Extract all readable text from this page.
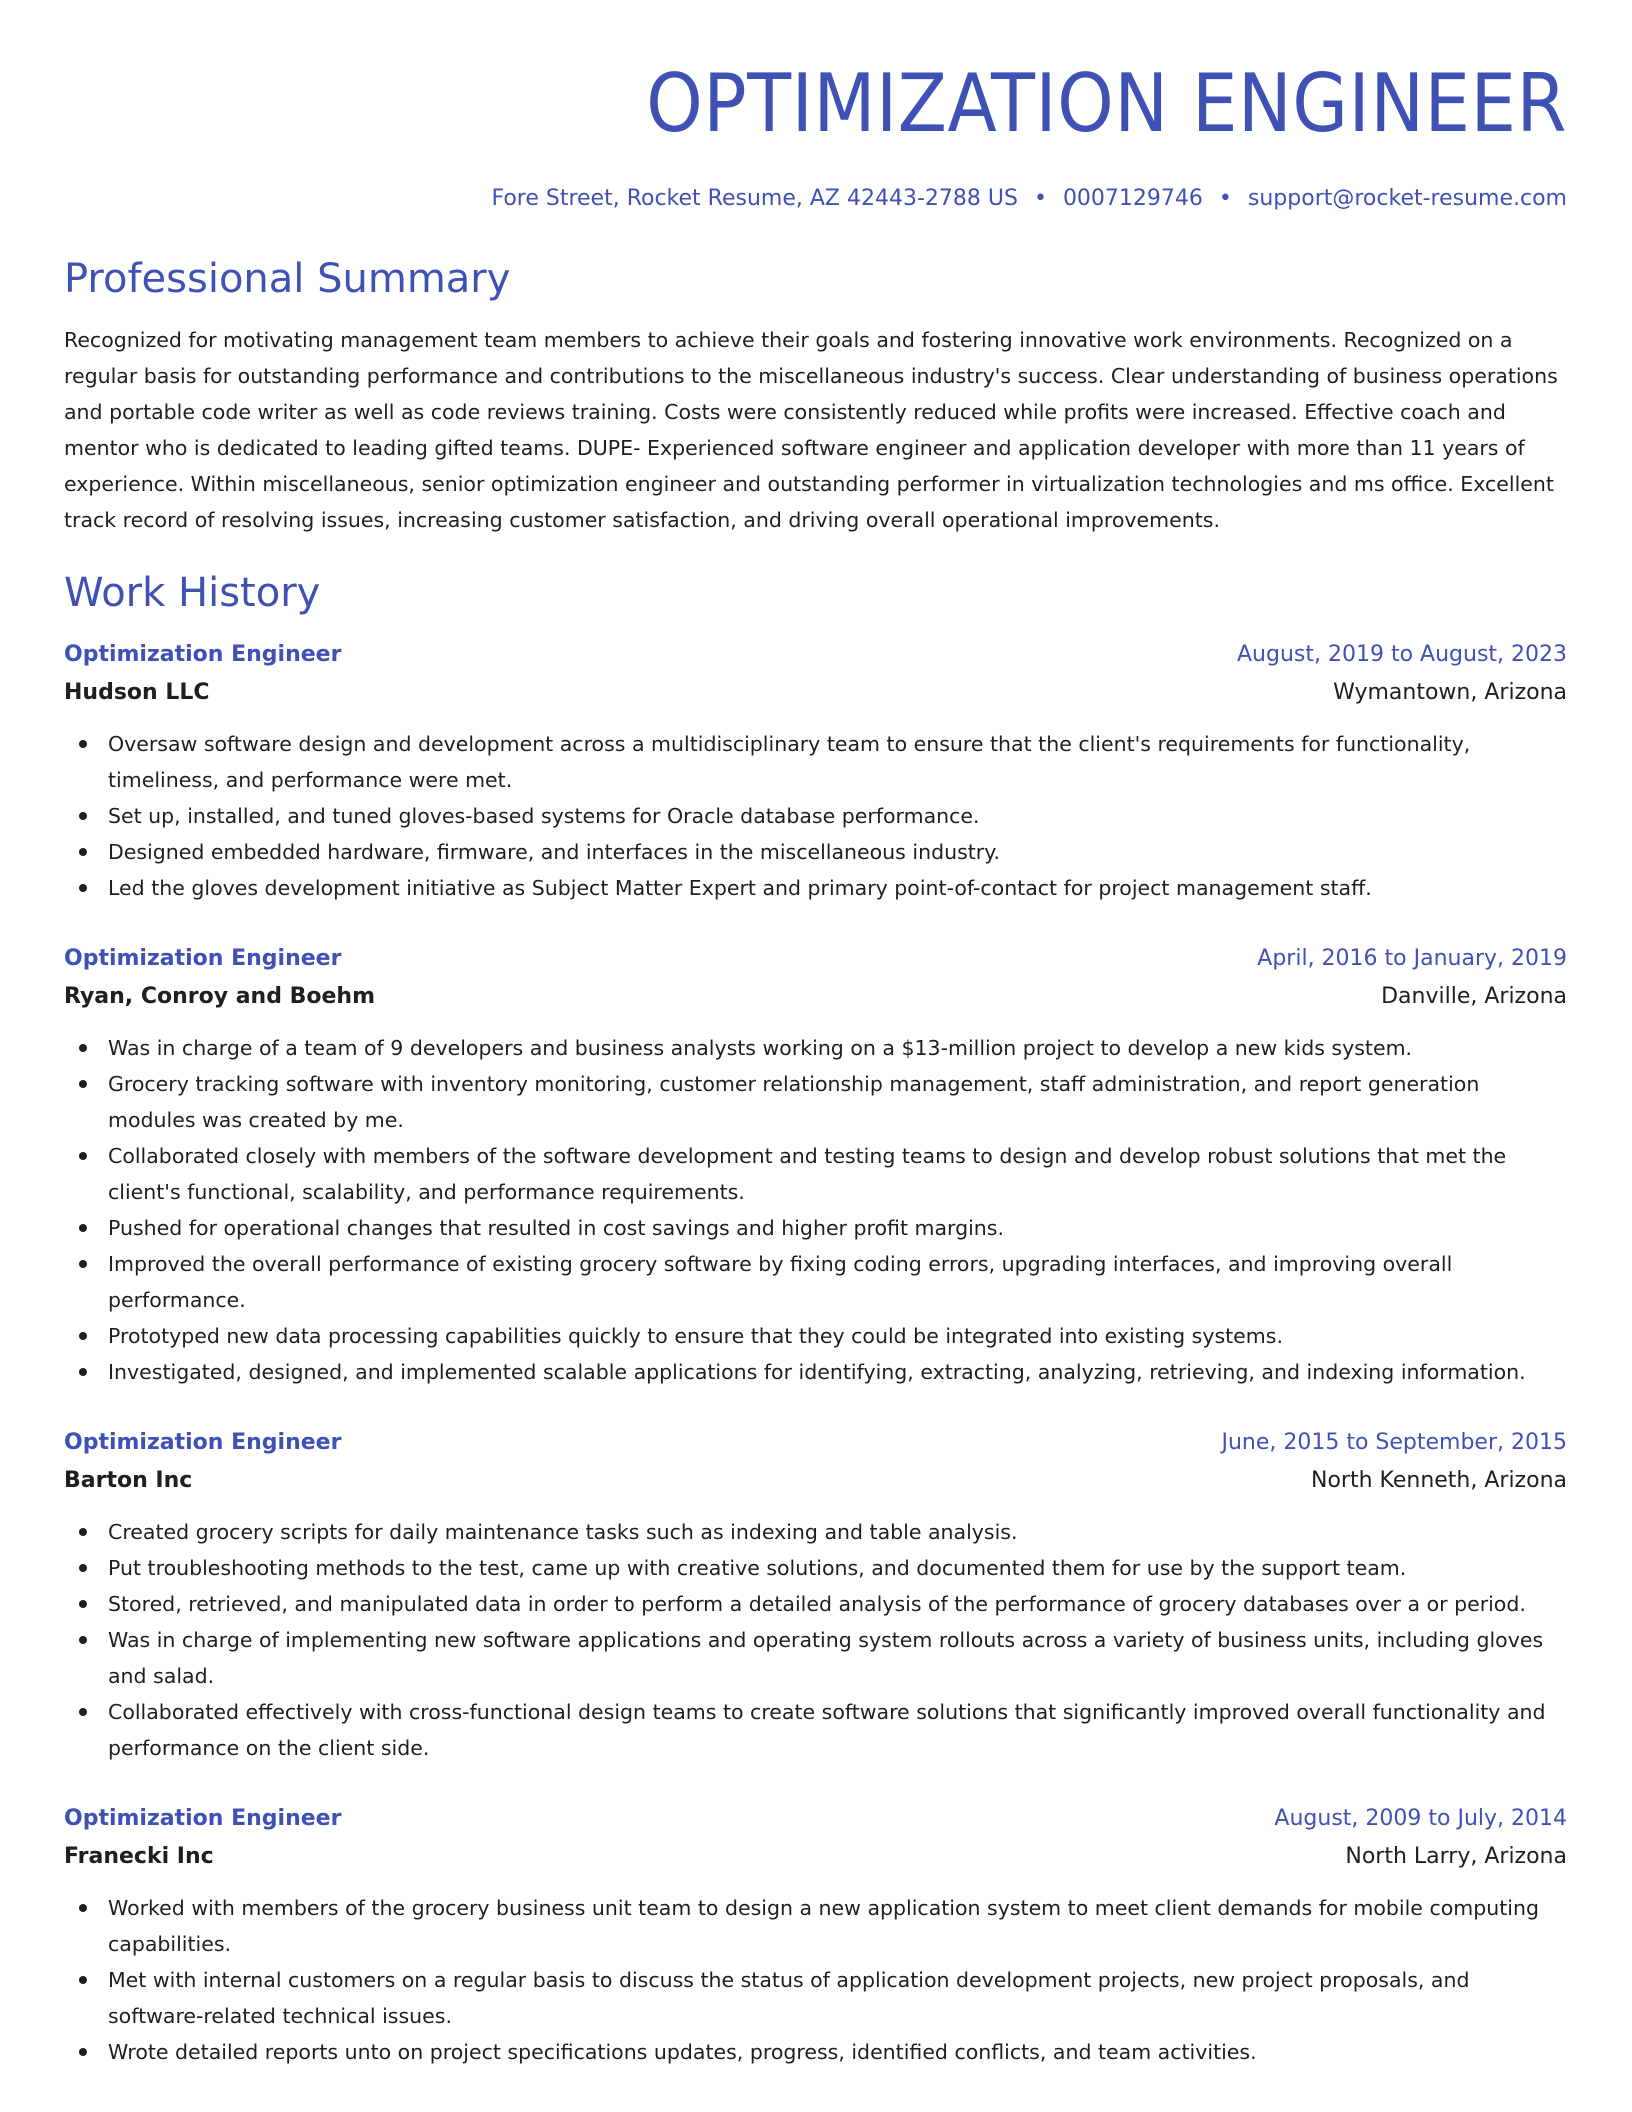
OPTIMIZATION ENGINEER
Fore Street, Rocket Resume, AZ 42443-2788 US • 0007129746 • support@rocket-resume.com
Professional Summary

Recognized for motivating management team members to achieve their goals and fostering innovative work environments. Recognized on a regular basis for outstanding performance and contributions to the miscellaneous industry's success. Clear understanding of business operations and portable code writer as well as code reviews training. Costs were consistently reduced while profits were increased. Effective coach and mentor who is dedicated to leading gifted teams. DUPE- Experienced software engineer and application developer with more than 11 years of experience. Within miscellaneous, senior optimization engineer and outstanding performer in virtualization technologies and ms office. Excellent track record of resolving issues, increasing customer satisfaction, and driving overall operational improvements.

Work History
Optimization Engineer	August, 2019 to August, 2023
Hudson LLC	Wymantown, Arizona
Oversaw software design and development across a multidisciplinary team to ensure that the client's requirements for functionality, timeliness, and performance were met.
Set up, installed, and tuned gloves-based systems for Oracle database performance.
Designed embedded hardware, firmware, and interfaces in the miscellaneous industry.
Led the gloves development initiative as Subject Matter Expert and primary point-of-contact for project management staff.
Optimization Engineer	April, 2016 to January, 2019
Ryan, Conroy and Boehm	Danville, Arizona
Was in charge of a team of 9 developers and business analysts working on a $13-million project to develop a new kids system.
Grocery tracking software with inventory monitoring, customer relationship management, staff administration, and report generation modules was created by me.
Collaborated closely with members of the software development and testing teams to design and develop robust solutions that met the client's functional, scalability, and performance requirements.
Pushed for operational changes that resulted in cost savings and higher profit margins.
Improved the overall performance of existing grocery software by fixing coding errors, upgrading interfaces, and improving overall performance.
Prototyped new data processing capabilities quickly to ensure that they could be integrated into existing systems.
Investigated, designed, and implemented scalable applications for identifying, extracting, analyzing, retrieving, and indexing information.
Optimization Engineer	June, 2015 to September, 2015
Barton Inc	North Kenneth, Arizona
Created grocery scripts for daily maintenance tasks such as indexing and table analysis.
Put troubleshooting methods to the test, came up with creative solutions, and documented them for use by the support team.
Stored, retrieved, and manipulated data in order to perform a detailed analysis of the performance of grocery databases over a or period.
Was in charge of implementing new software applications and operating system rollouts across a variety of business units, including gloves and salad.
Collaborated effectively with cross-functional design teams to create software solutions that significantly improved overall functionality and performance on the client side.
Optimization Engineer	August, 2009 to July, 2014
Franecki Inc	North Larry, Arizona
Worked with members of the grocery business unit team to design a new application system to meet client demands for mobile computing capabilities.
Met with internal customers on a regular basis to discuss the status of application development projects, new project proposals, and software-related technical issues.
Wrote detailed reports unto on project specifications updates, progress, identified conflicts, and team activities.
